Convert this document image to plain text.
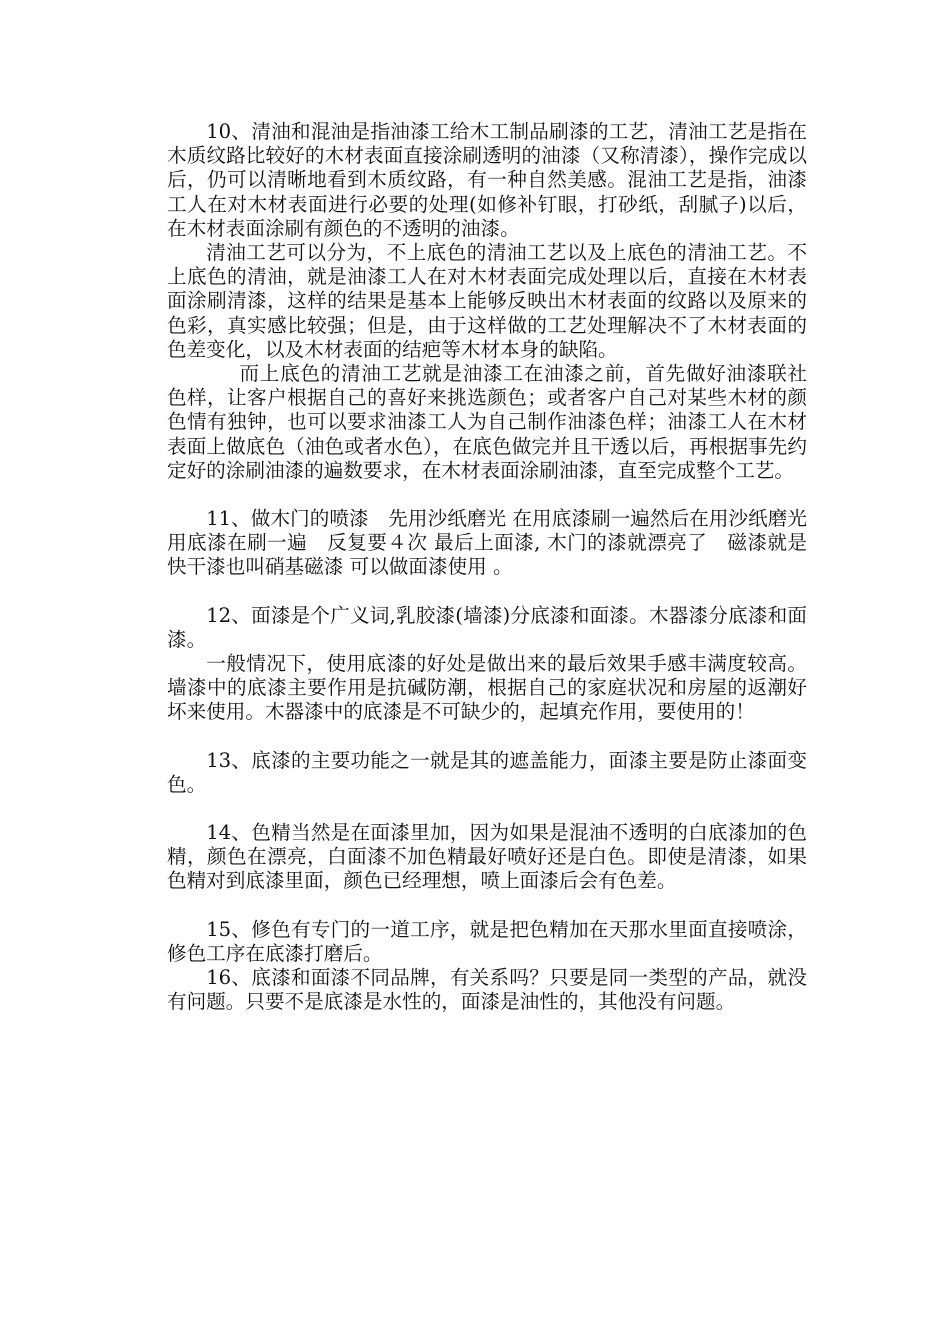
10、清油和混油是指油漆工给木工制品刷漆的工艺，清油工艺是指在木质纹路比较好的木材表面直接涂刷透明的油漆（又称清漆），操作完成以后，仍可以清晰地看到木质纹路，有一种自然美感。混油工艺是指，油漆工人在对木材表面进行必要的处理(如修补钉眼，打砂纸，刮腻子)以后，在木材表面涂刷有颜色的不透明的油漆。

清油工艺可以分为，不上底色的清油工艺以及上底色的清油工艺。不上底色的清油，就是油漆工人在对木材表面完成处理以后，直接在木材表面涂刷清漆，这样的结果是基本上能够反映出木材表面的纹路以及原来的色彩，真实感比较强；但是，由于这样做的工艺处理解决不了木材表面的色差变化，以及木材表面的结疤等木材本身的缺陷。

而上底色的清油工艺就是油漆工在油漆之前，首先做好油漆联社色样，让客户根据自己的喜好来挑选颜色；或者客户自己对某些木材的颜色情有独钟，也可以要求油漆工人为自己制作油漆色样；油漆工人在木材表面上做底色（油色或者水色），在底色做完并且干透以后，再根据事先约定好的涂刷油漆的遍数要求，在木材表面涂刷油漆，直至完成整个工艺。

11、做木门的喷漆　先用沙纸磨光 在用底漆刷一遍然后在用沙纸磨光用底漆在刷一遍　反复要４次 最后上面漆, 木门的漆就漂亮了　磁漆就是快干漆也叫硝基磁漆 可以做面漆使用 。

12、面漆是个广义词,乳胶漆(墙漆)分底漆和面漆。木器漆分底漆和面漆。

一般情况下，使用底漆的好处是做出来的最后效果手感丰满度较高。墙漆中的底漆主要作用是抗碱防潮，根据自己的家庭状况和房屋的返潮好坏来使用。木器漆中的底漆是不可缺少的，起填充作用，要使用的！

13、底漆的主要功能之一就是其的遮盖能力，面漆主要是防止漆面变色。

14、色精当然是在面漆里加，因为如果是混油不透明的白底漆加的色精，颜色在漂亮，白面漆不加色精最好喷好还是白色。即使是清漆，如果色精对到底漆里面，颜色已经理想，喷上面漆后会有色差。

15、修色有专门的一道工序，就是把色精加在天那水里面直接喷涂，修色工序在底漆打磨后。

16、底漆和面漆不同品牌，有关系吗？只要是同一类型的产品，就没有问题。只要不是底漆是水性的，面漆是油性的，其他没有问题。
